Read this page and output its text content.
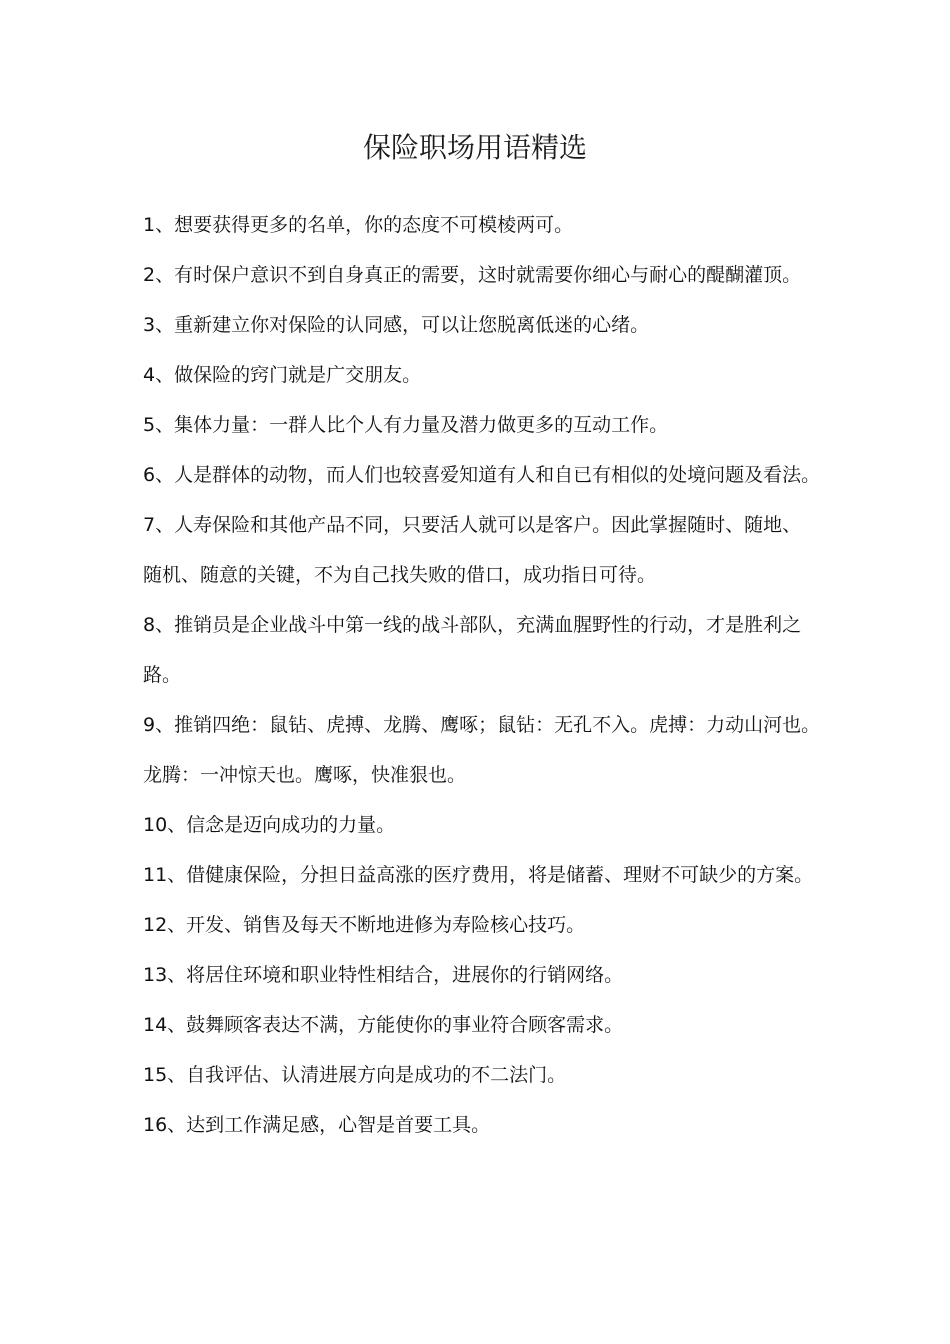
保险职场用语精选
1、想要获得更多的名单，你的态度不可模棱两可。
2、有时保户意识不到自身真正的需要，这时就需要你细心与耐心的醍醐灌顶。
3、重新建立你对保险的认同感，可以让您脱离低迷的心绪。
4、做保险的窍门就是广交朋友。
5、集体力量：一群人比个人有力量及潜力做更多的互动工作。
6、人是群体的动物，而人们也较喜爱知道有人和自已有相似的处境问题及看法。
7、人寿保险和其他产品不同，只要活人就可以是客户。因此掌握随时、随地、
随机、随意的关键，不为自己找失败的借口，成功指日可待。
8、推销员是企业战斗中第一线的战斗部队，充满血腥野性的行动，才是胜利之
路。
9、推销四绝：鼠钻、虎搏、龙腾、鹰啄；鼠钻：无孔不入。虎搏：力动山河也。
龙腾：一冲惊天也。鹰啄，快准狠也。
10、信念是迈向成功的力量。
11、借健康保险，分担日益高涨的医疗费用，将是储蓄、理财不可缺少的方案。
12、开发、销售及每天不断地进修为寿险核心技巧。
13、将居住环境和职业特性相结合，进展你的行销网络。
14、鼓舞顾客表达不满，方能使你的事业符合顾客需求。
15、自我评估、认清进展方向是成功的不二法门。
16、达到工作满足感，心智是首要工具。
